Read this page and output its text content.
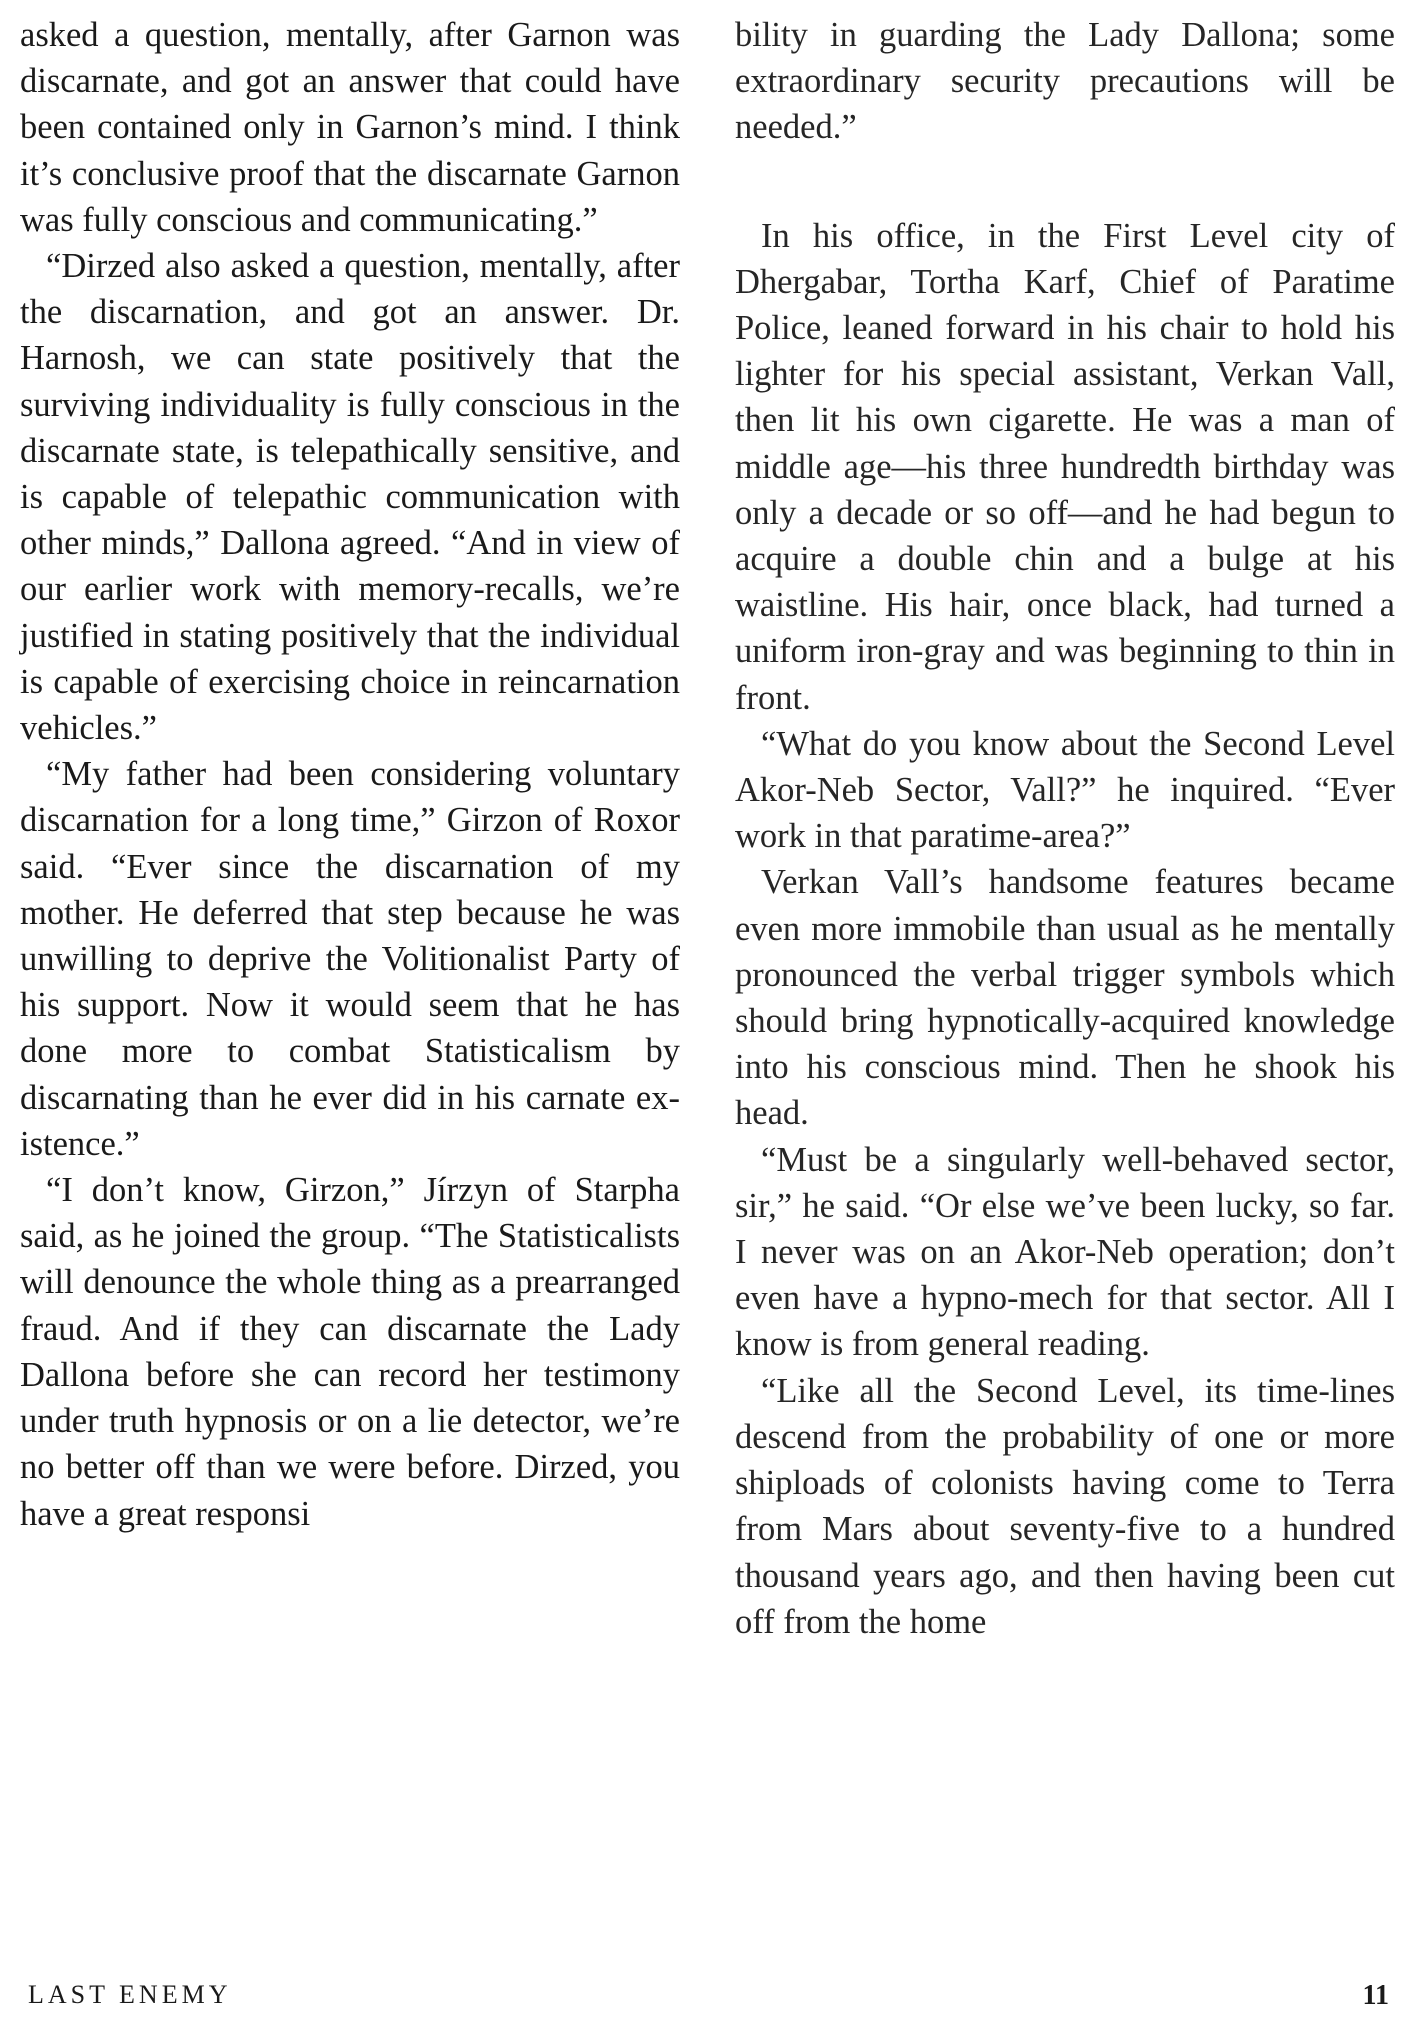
asked a question, mentally, after Garnon was discarnate, and got an answer that could have been contained only in Garnon’s mind. I think it’s conclusive proof that the discarnate Garnon was fully conscious and communicating.”

“Dirzed also asked a question, mentally, after the discarnation, and got an answer. Dr. Harnosh, we can state positively that the surviving individuality is fully conscious in the discarnate state, is telepathically sensitive, and is capable of telepathic communication with other minds,” Dallona agreed. “And in view of our earlier work with memory-recalls, we’re justified in stating positively that the individual is capable of exercising choice in reincarnation vehicles.”

“My father had been considering voluntary discarnation for a long time,” Girzon of Roxor said. “Ever since the discarnation of my mother. He deferred that step because he was unwilling to deprive the Volitionalist Party of his support. Now it would seem that he has done more to combat Statisticalism by discarnating than he ever did in his carnate existence.”

“I don’t know, Girzon,” Jírzyn of Starpha said, as he joined the group. “The Statisticalists will denounce the whole thing as a prearranged fraud. And if they can discarnate the Lady Dallona before she can record her testimony under truth hypnosis or on a lie detector, we’re no better off than we were before. Dirzed, you have a great responsi

bility in guarding the Lady Dallona; some extraordinary security precautions will be needed.”

In his office, in the First Level city of Dhergabar, Tortha Karf, Chief of Paratime Police, leaned forward in his chair to hold his lighter for his special assistant, Verkan Vall, then lit his own cigarette. He was a man of middle age—his three hundredth birthday was only a decade or so off—and he had begun to acquire a double chin and a bulge at his waistline. His hair, once black, had turned a uniform iron-gray and was beginning to thin in front.

“What do you know about the Second Level Akor-Neb Sector, Vall?” he inquired. “Ever work in that paratime-area?”

Verkan Vall’s handsome features became even more immobile than usual as he mentally pronounced the verbal trigger symbols which should bring hypnotically-acquired knowledge into his conscious mind. Then he shook his head.

“Must be a singularly well-behaved sector, sir,” he said. “Or else we’ve been lucky, so far. I never was on an Akor-Neb operation; don’t even have a hypno-mech for that sector. All I know is from general reading.

“Like all the Second Level, its time-lines descend from the probability of one or more shiploads of colonists having come to Terra from Mars about seventy-five to a hundred thousand years ago, and then having been cut off from the home

LAST ENEMY	11
